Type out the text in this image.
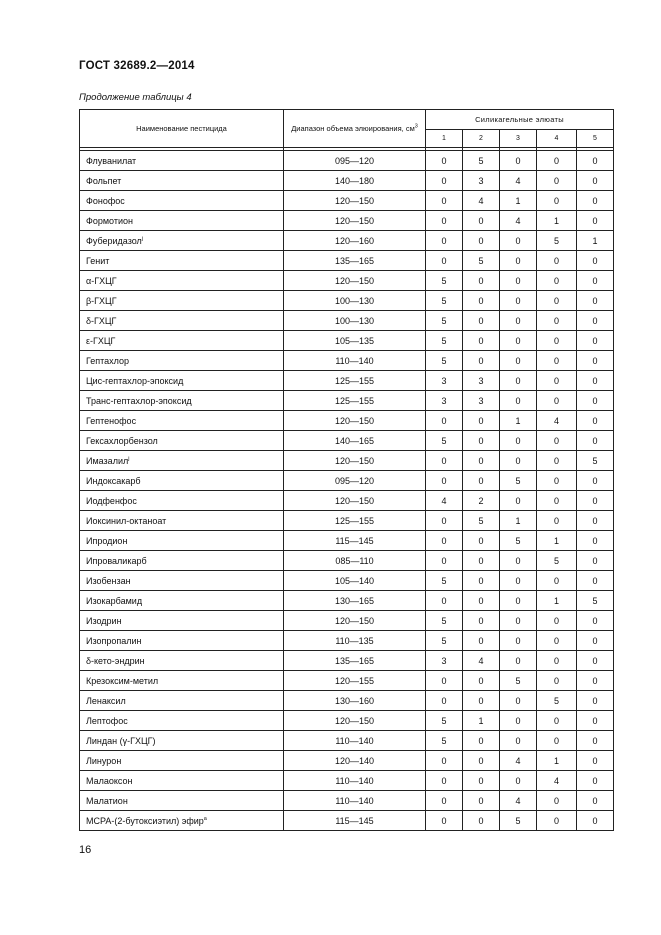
ГОСТ 32689.2—2014
Продолжение таблицы 4
Наименование пестицида	Диапазон объема элюирования, $см^3$	Силикагельные элюаты				
		1	2	3	4	5

Флуванилат	095—120	0	5	0	0	0
Фольпет	140—180	0	3	4	0	0
Фонофос	120—150	0	4	1	0	0
Формотион	120—150	0	0	4	1	0
Фуберидазол$^j$	120—160	0	0	0	5	1
Генит	135—165	0	5	0	0	0
α-ГХЦГ	120—150	5	0	0	0	0
β-ГХЦГ	100—130	5	0	0	0	0
δ-ГХЦГ	100—130	5	0	0	0	0
ε-ГХЦГ	105—135	5	0	0	0	0
Гептахлор	110—140	5	0	0	0	0
Цис-гептахлор-эпоксид	125—155	3	3	0	0	0
Транс-гептахлор-эпоксид	125—155	3	3	0	0	0
Гептенофос	120—150	0	0	1	4	0
Гексахлорбензол	140—165	5	0	0	0	0
Имазалил$^j$	120—150	0	0	0	0	5
Индоксакарб	095—120	0	0	5	0	0
Иодфенфос	120—150	4	2	0	0	0
Иоксинил-октаноат	125—155	0	5	1	0	0
Ипродион	115—145	0	0	5	1	0
Ипроваликарб	085—110	0	0	0	5	0
Изобензан	105—140	5	0	0	0	0
Изокарбамид	130—165	0	0	0	1	5
Изодрин	120—150	5	0	0	0	0
Изопропалин	110—135	5	0	0	0	0
δ-кето-эндрин	135—165	3	4	0	0	0
Крезоксим-метил	120—155	0	0	5	0	0
Ленаксил	130—160	0	0	0	5	0
Лептофос	120—150	5	1	0	0	0
Линдан (γ-ГХЦГ)	110—140	5	0	0	0	0
Линурон	120—140	0	0	4	1	0
Малаоксон	110—140	0	0	0	4	0
Малатион	110—140	0	0	4	0	0
МСРА-(2-бутоксиэтил) эфир$^a$	115—145	0	0	5	0	0
16
